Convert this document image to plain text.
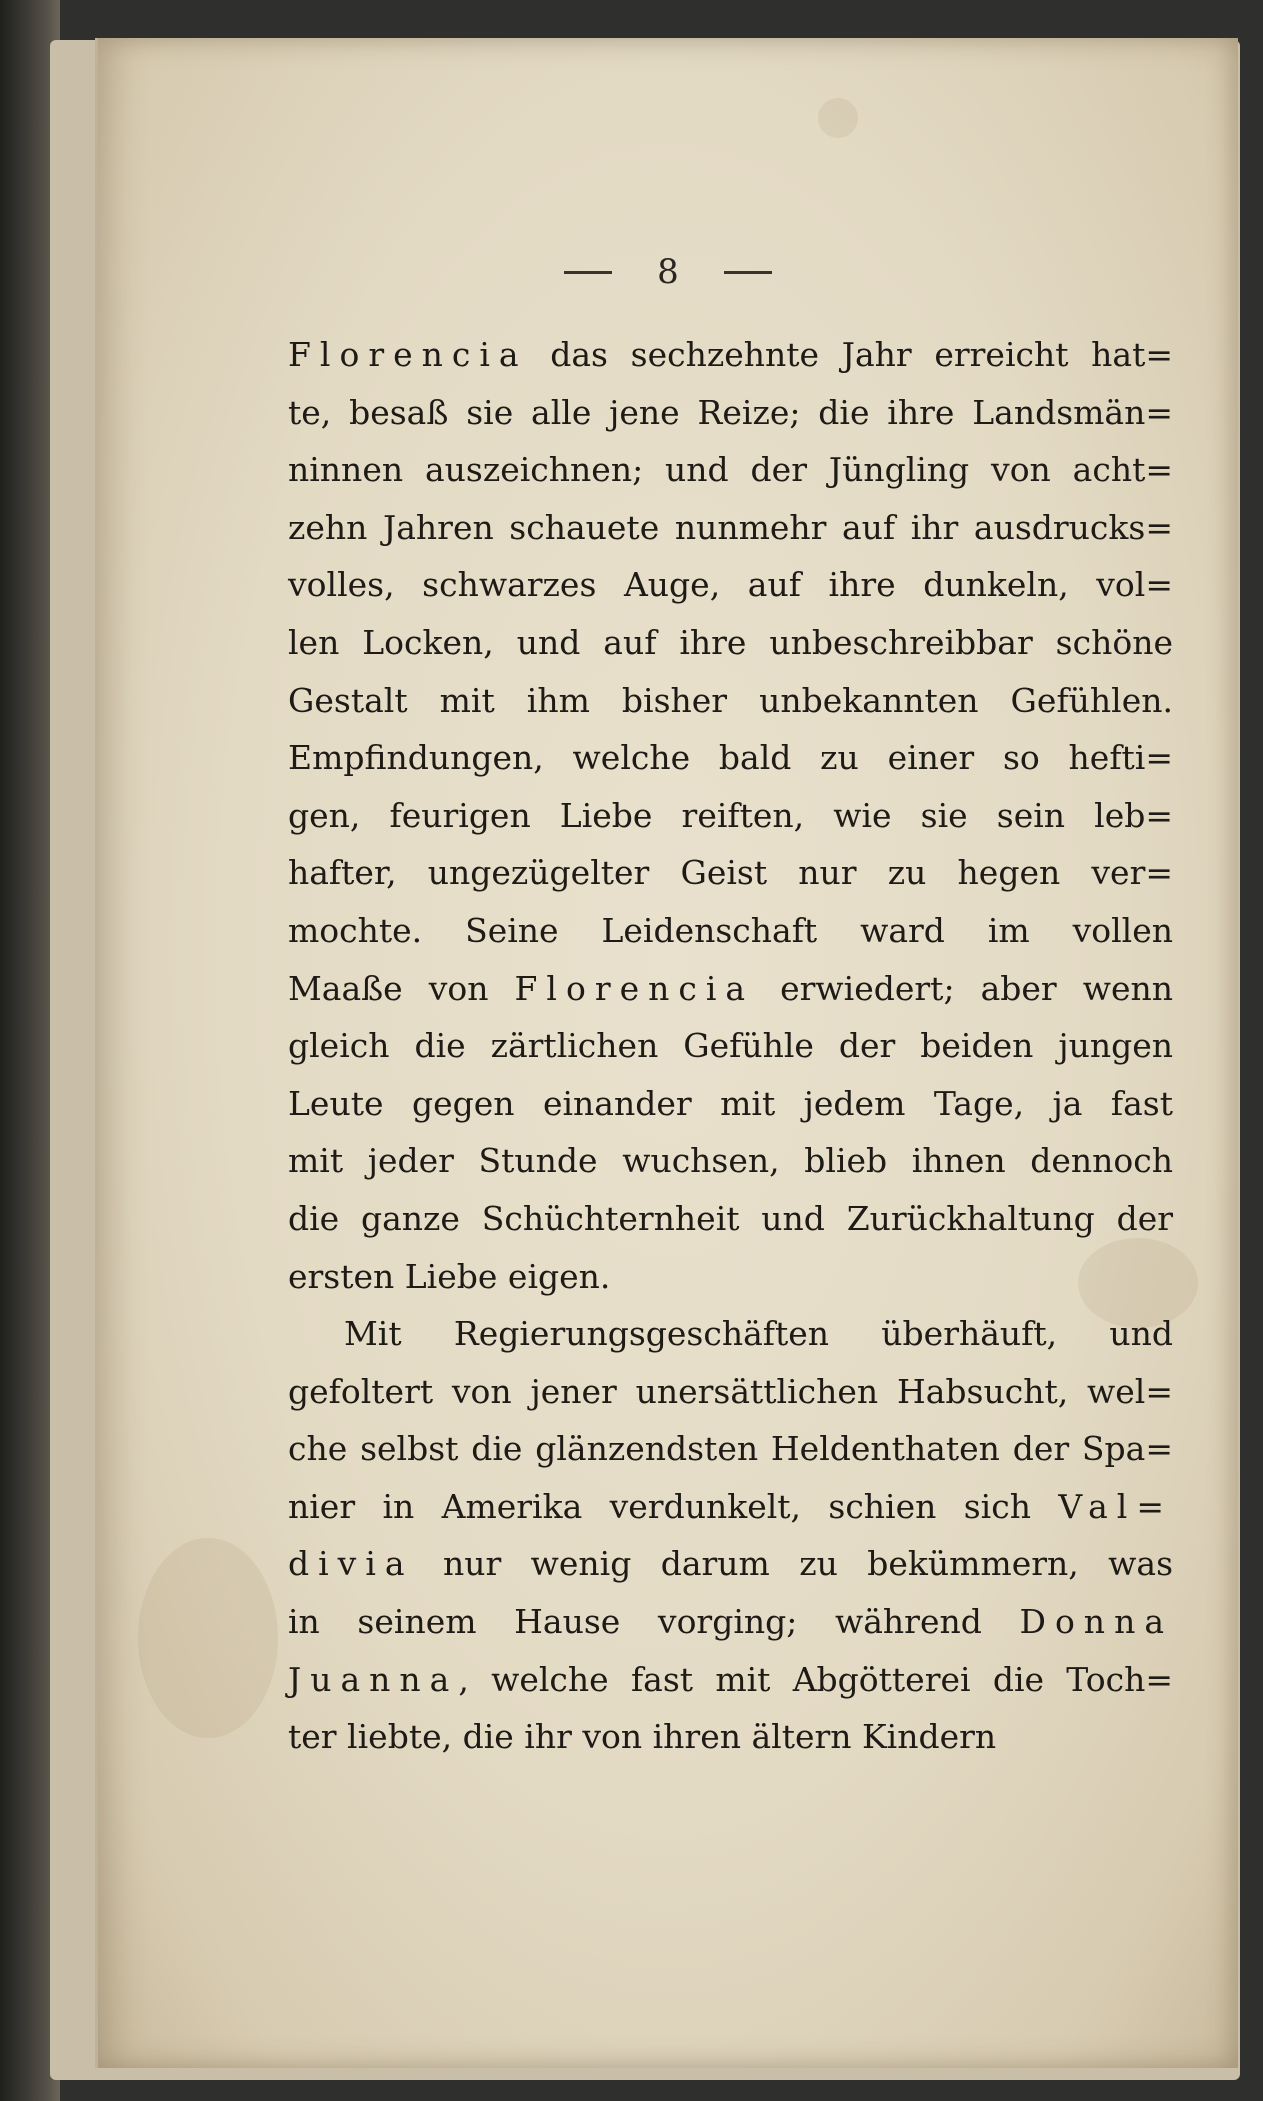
8
Florencia das sechzehnte Jahr erreicht hat=
te, besaß sie alle jene Reize; die ihre Landsmän=
ninnen auszeichnen; und der Jüngling von acht=
zehn Jahren schauete nunmehr auf ihr ausdrucks=
volles, schwarzes Auge, auf ihre dunkeln, vol=
len Locken, und auf ihre unbeschreibbar schöne
Gestalt mit ihm bisher unbekannten Gefühlen.
Empfindungen, welche bald zu einer so hefti=
gen, feurigen Liebe reiften, wie sie sein leb=
hafter, ungezügelter Geist nur zu hegen ver=
mochte. Seine Leidenschaft ward im vollen
Maaße von Florencia erwiedert; aber wenn
gleich die zärtlichen Gefühle der beiden jungen
Leute gegen einander mit jedem Tage, ja fast
mit jeder Stunde wuchsen, blieb ihnen dennoch
die ganze Schüchternheit und Zurückhaltung der
ersten Liebe eigen.
Mit Regierungsgeschäften überhäuft, und
gefoltert von jener unersättlichen Habsucht, wel=
che selbst die glänzendsten Heldenthaten der Spa=
nier in Amerika verdunkelt, schien sich Val=
divia nur wenig darum zu bekümmern, was
in seinem Hause vorging; während Donna
Juanna, welche fast mit Abgötterei die Toch=
ter liebte, die ihr von ihren ältern Kindern
